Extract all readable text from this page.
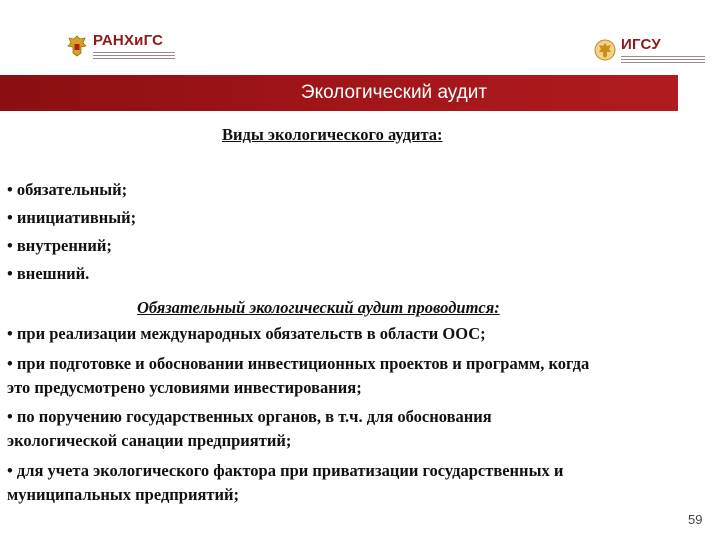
РАНХиГС	ИГСУ
Экологический аудит
Виды экологического аудита:
• обязательный;
• инициативный;
• внутренний;
• внешний.
Обязательный экологический аудит проводится:
• при реализации международных обязательств в области ООС;
• при подготовке и обосновании инвестиционных проектов и программ, когда
это предусмотрено условиями инвестирования;
• по поручению государственных органов, в т.ч. для обоснования
экологической санации предприятий;
• для учета экологического фактора при приватизации государственных и
муниципальных предприятий;
59
